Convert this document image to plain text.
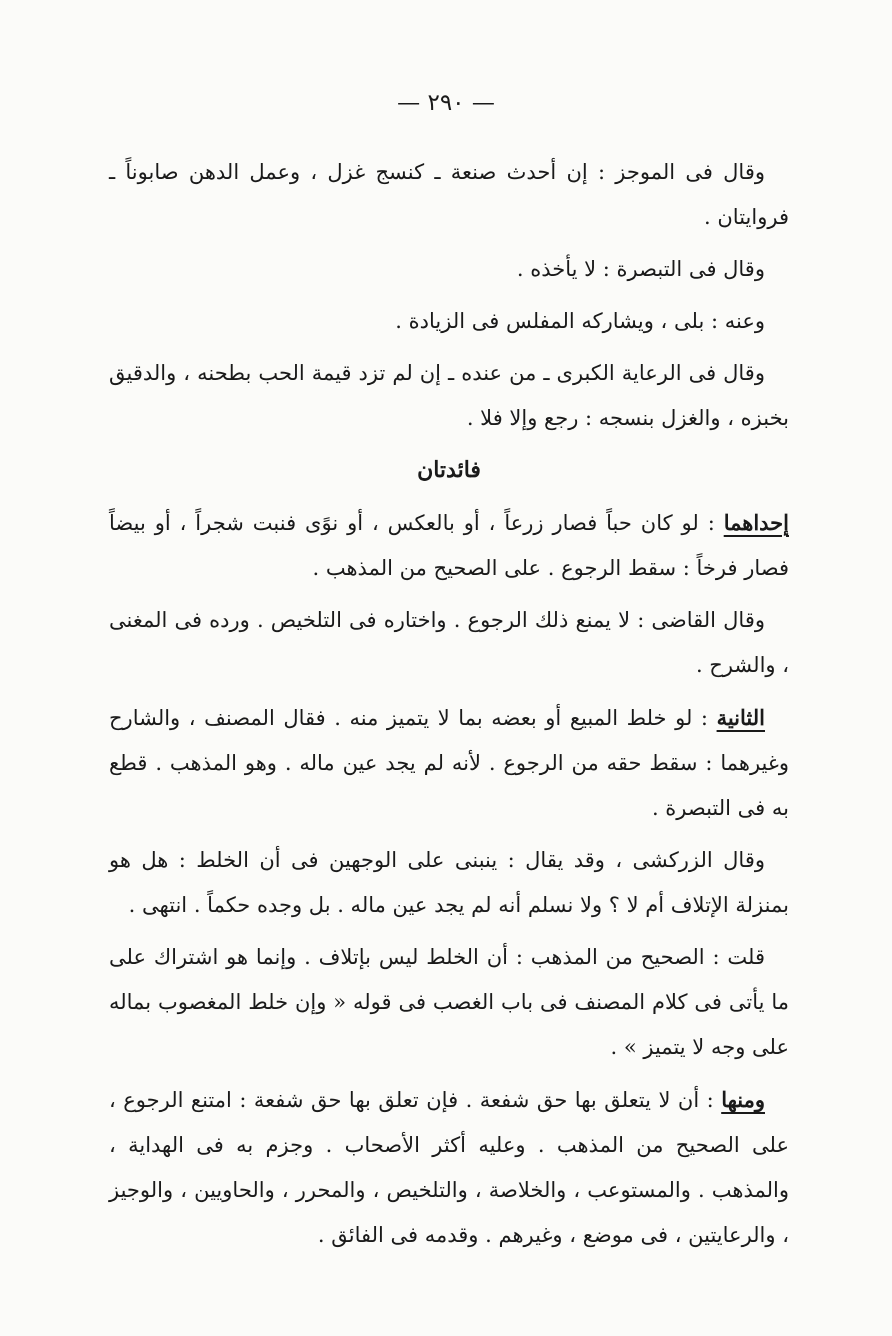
— ٢٩٠ —

وقال فى الموجز : إن أحدث صنعة ـ كنسج غزل ، وعمل الدهن صابوناً ـ فروايتان .

وقال فى التبصرة : لا يأخذه .

وعنه : بلى ، ويشاركه المفلس فى الزيادة .

وقال فى الرعاية الكبرى ـ من عنده ـ إن لم تزد قيمة الحب بطحنه ، والدقيق بخبزه ، والغزل بنسجه : رجع وإلا فلا .

فائدتان

إحداهما : لو كان حباً فصار زرعاً ، أو بالعكس ، أو نوًى فنبت شجراً ، أو بيضاً فصار فرخاً : سقط الرجوع . على الصحيح من المذهب .

وقال القاضى : لا يمنع ذلك الرجوع . واختاره فى التلخيص . ورده فى المغنى ، والشرح .

الثانية : لو خلط المبيع أو بعضه بما لا يتميز منه . فقال المصنف ، والشارح وغيرهما : سقط حقه من الرجوع . لأنه لم يجد عين ماله . وهو المذهب . قطع به فى التبصرة .

وقال الزركشى ، وقد يقال : ينبنى على الوجهين فى أن الخلط : هل هو بمنزلة الإتلاف أم لا ؟ ولا نسلم أنه لم يجد عين ماله . بل وجده حكماً . انتهى .

قلت : الصحيح من المذهب : أن الخلط ليس بإتلاف . وإنما هو اشتراك على ما يأتى فى كلام المصنف فى باب الغصب فى قوله « وإن خلط المغصوب بماله على وجه لا يتميز » .

ومنها : أن لا يتعلق بها حق شفعة . فإن تعلق بها حق شفعة : امتنع الرجوع ، على الصحيح من المذهب . وعليه أكثر الأصحاب . وجزم به فى الهداية ، والمذهب . والمستوعب ، والخلاصة ، والتلخيص ، والمحرر ، والحاويين ، والوجيز ، والرعايتين ، فى موضع ، وغيرهم . وقدمه فى الفائق .
